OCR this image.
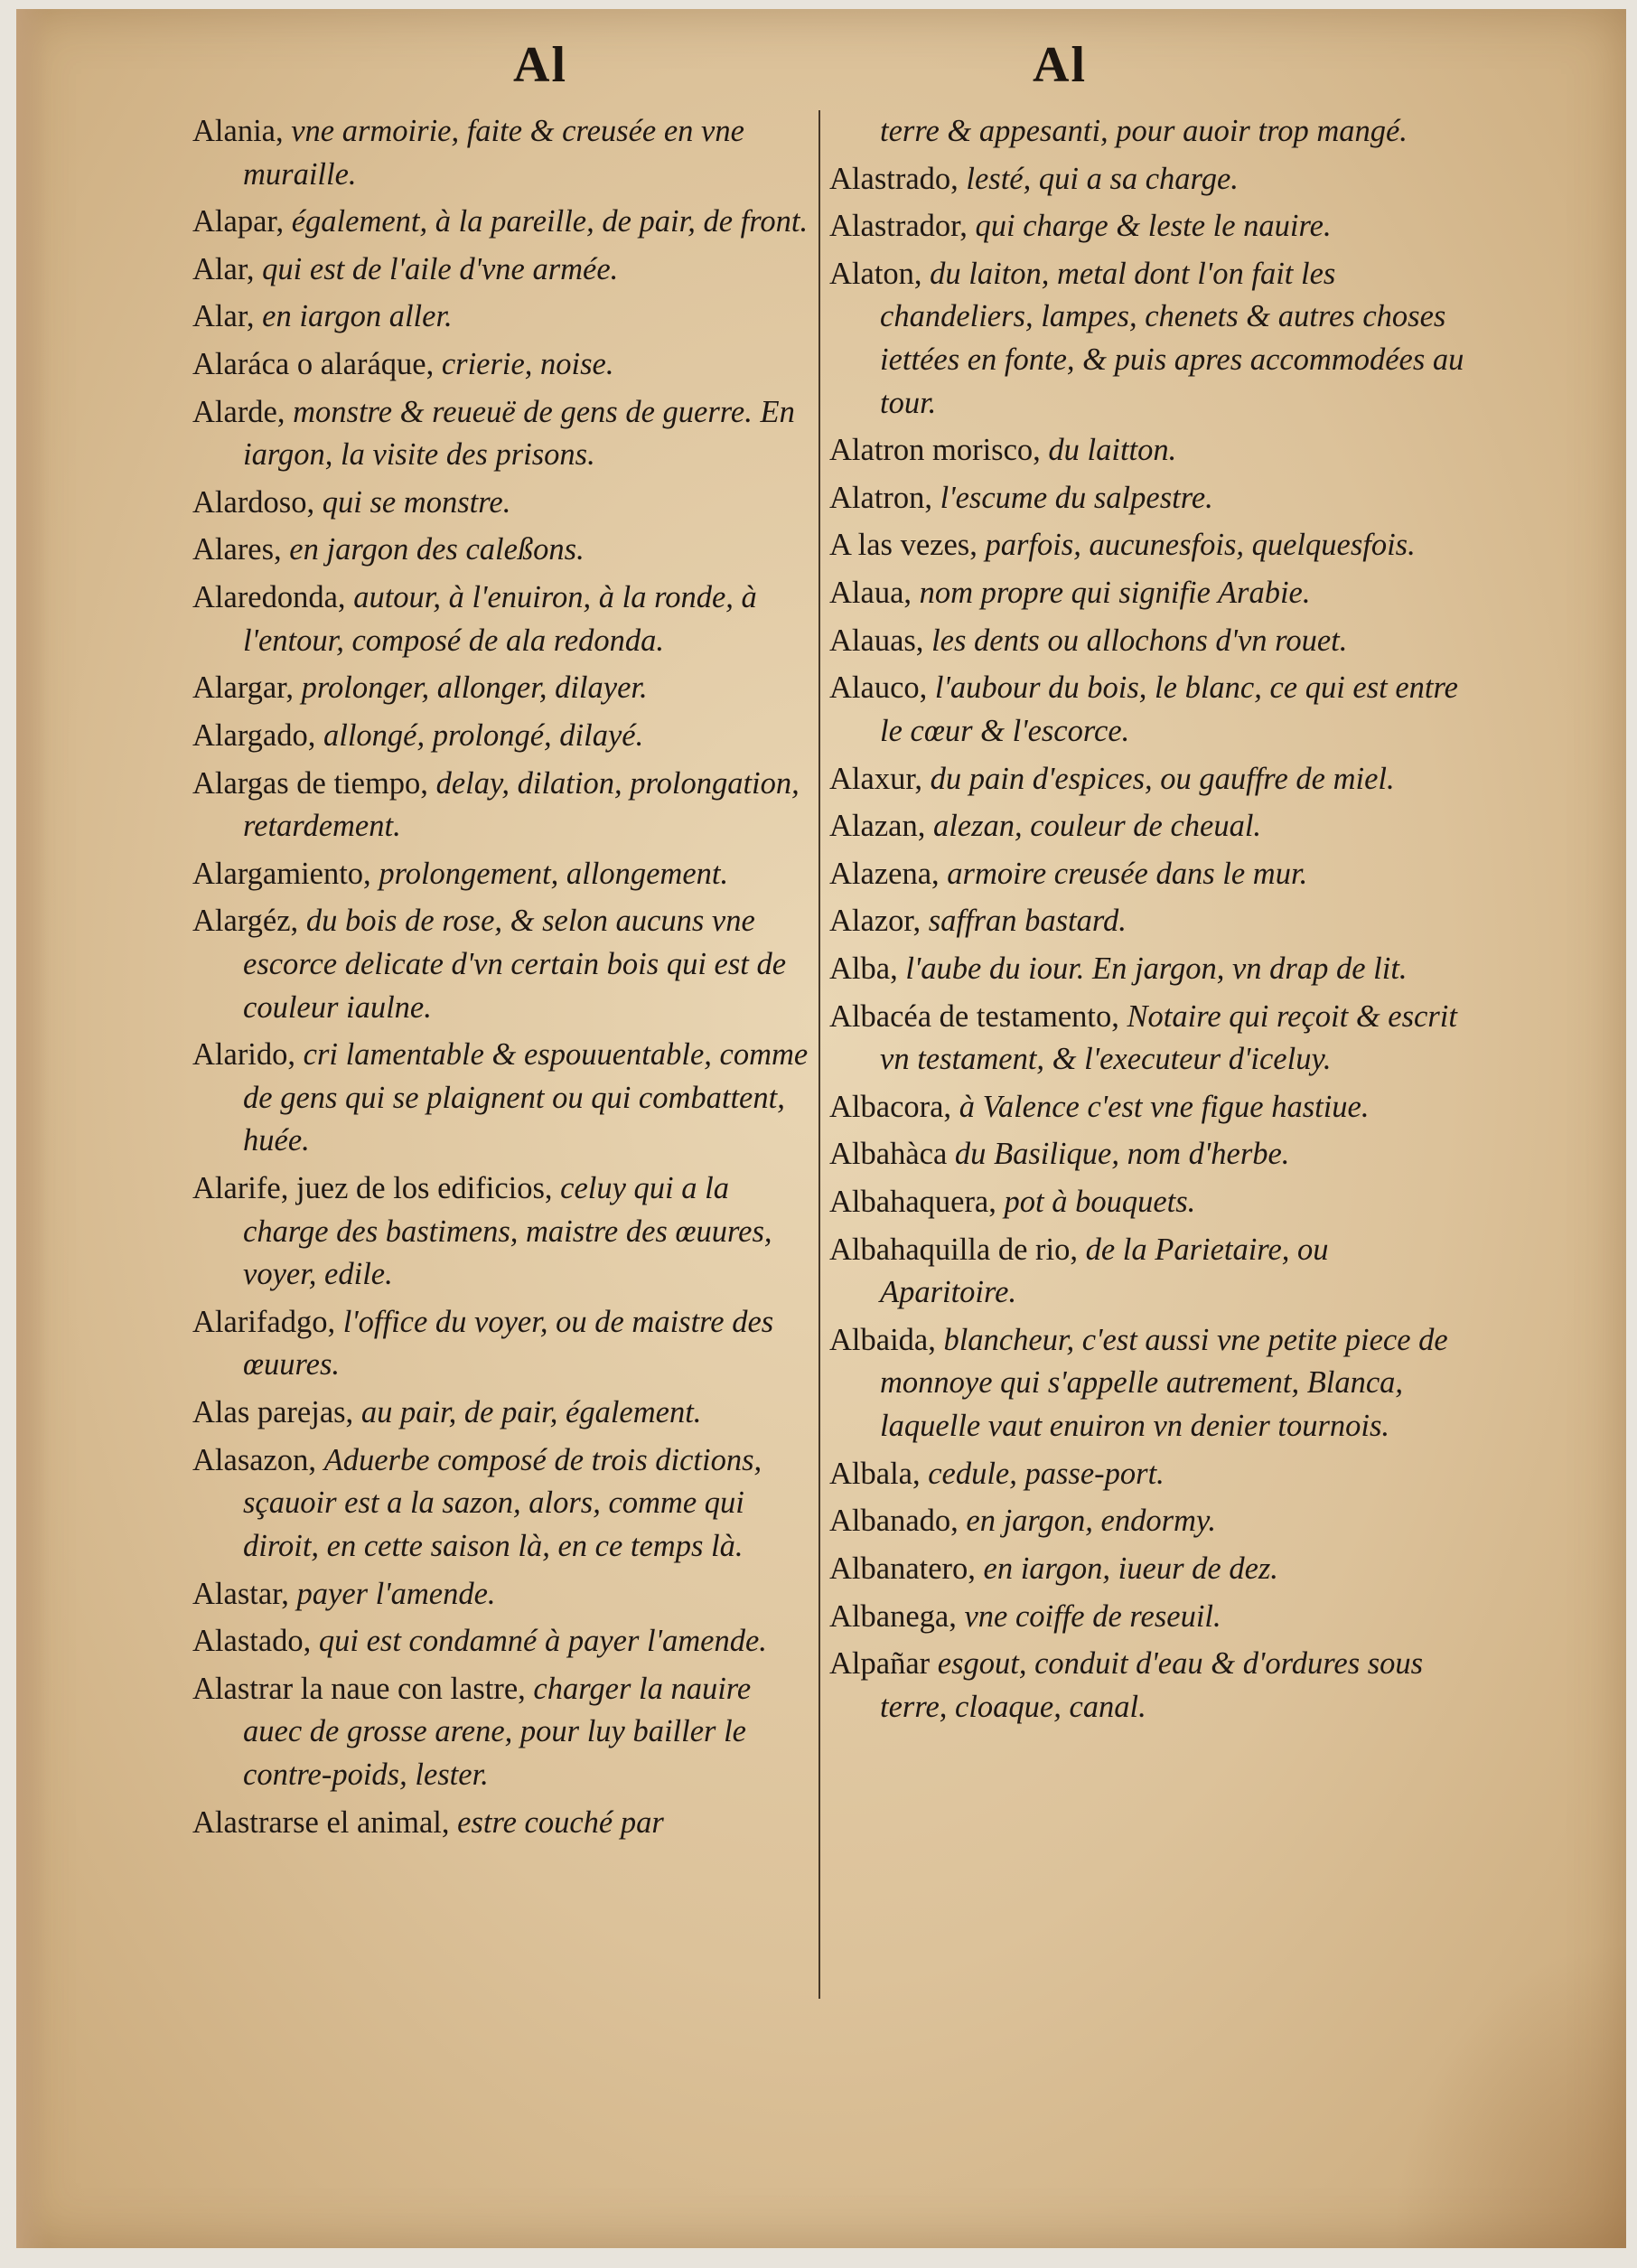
Al	Al
Alania, vne armoirie, faite & creusée en vne muraille.
Alapar, également, à la pareille, de pair, de front.
Alar, qui est de l'aile d'vne armée.
Alar, en iargon aller.
Alaráca o alaráque, crierie, noise.
Alarde, monstre & reueuë de gens de guerre. En iargon, la visite des prisons.
Alardoso, qui se monstre.
Alares, en jargon des caleßons.
Alaredonda, autour, à l'enuiron, à la ronde, à l'entour, composé de ala redonda.
Alargar, prolonger, allonger, dilayer.
Alargado, allongé, prolongé, dilayé.
Alargas de tiempo, delay, dilation, prolongation, retardement.
Alargamiento, prolongement, allongement.
Alargéz, du bois de rose, & selon aucuns vne escorce delicate d'vn certain bois qui est de couleur iaulne.
Alarido, cri lamentable & espouuentable, comme de gens qui se plaignent ou qui combattent, huée.
Alarife, juez de los edificios, celuy qui a la charge des bastimens, maistre des œuures, voyer, edile.
Alarifadgo, l'office du voyer, ou de maistre des œuures.
Alas parejas, au pair, de pair, également.
Alasazon, Aduerbe composé de trois dictions, sçauoir est a la sazon, alors, comme qui diroit, en cette saison là, en ce temps là.
Alastar, payer l'amende.
Alastado, qui est condamné à payer l'amende.
Alastrar la naue con lastre, charger la nauire auec de grosse arene, pour luy bailler le contre-poids, lester.
Alastrarse el animal, estre couché par
terre & appesanti, pour auoir trop mangé.
Alastrado, lesté, qui a sa charge.
Alastrador, qui charge & leste le nauire.
Alaton, du laiton, metal dont l'on fait les chandeliers, lampes, chenets & autres choses iettées en fonte, & puis apres accommodées au tour.
Alatron morisco, du laitton.
Alatron, l'escume du salpestre.
A las vezes, parfois, aucunesfois, quelquesfois.
Alaua, nom propre qui signifie Arabie.
Alauas, les dents ou allochons d'vn rouet.
Alauco, l'aubour du bois, le blanc, ce qui est entre le cœur & l'escorce.
Alaxur, du pain d'espices, ou gauffre de miel.
Alazan, alezan, couleur de cheual.
Alazena, armoire creusée dans le mur.
Alazor, saffran bastard.
Alba, l'aube du iour. En jargon, vn drap de lit.
Albacéa de testamento, Notaire qui reçoit & escrit vn testament, & l'executeur d'iceluy.
Albacora, à Valence c'est vne figue hastiue.
Albahàca du Basilique, nom d'herbe.
Albahaquera, pot à bouquets.
Albahaquilla de rio, de la Parietaire, ou Aparitoire.
Albaida, blancheur, c'est aussi vne petite piece de monnoye qui s'appelle autrement, Blanca, laquelle vaut enuiron vn denier tournois.
Albala, cedule, passe-port.
Albanado, en jargon, endormy.
Albanatero, en iargon, iueur de dez.
Albanega, vne coiffe de reseuil.
Alpañar esgout, conduit d'eau & d'ordures sous terre, cloaque, canal.
